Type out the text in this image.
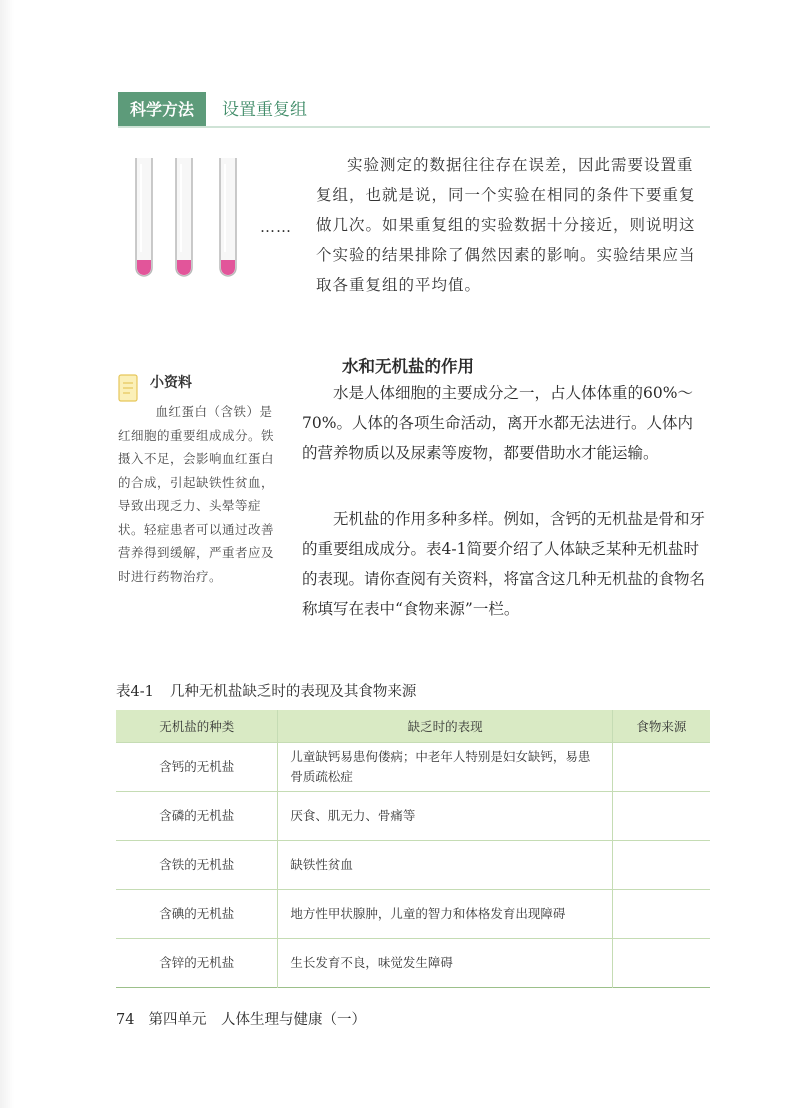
科学方法	设置重复组
……

实验测定的数据往往存在误差，因此需要设置重复组，也就是说，同一个实验在相同的条件下要重复做几次。如果重复组的实验数据十分接近，则说明这个实验的结果排除了偶然因素的影响。实验结果应当取各重复组的平均值。

小资料

血红蛋白（含铁）是红细胞的重要组成成分。铁摄入不足，会影响血红蛋白的合成，引起缺铁性贫血，导致出现乏力、头晕等症状。轻症患者可以通过改善营养得到缓解，严重者应及时进行药物治疗。

水和无机盐的作用

水是人体细胞的主要成分之一，占人体体重的60%～70%。人体的各项生命活动，离开水都无法进行。人体内的营养物质以及尿素等废物，都要借助水才能运输。

无机盐的作用多种多样。例如，含钙的无机盐是骨和牙的重要组成成分。表4-1简要介绍了人体缺乏某种无机盐时的表现。请你查阅有关资料，将富含这几种无机盐的食物名称填写在表中“食物来源”一栏。

表4-1 几种无机盐缺乏时的表现及其食物来源
无机盐的种类	缺乏时的表现	食物来源
含钙的无机盐	儿童缺钙易患佝偻病；中老年人特别是妇女缺钙，易患骨质疏松症	
含磷的无机盐	厌食、肌无力、骨痛等	
含铁的无机盐	缺铁性贫血	
含碘的无机盐	地方性甲状腺肿，儿童的智力和体格发育出现障碍	
含锌的无机盐	生长发育不良，味觉发生障碍	
74 第四单元　人体生理与健康（一）
